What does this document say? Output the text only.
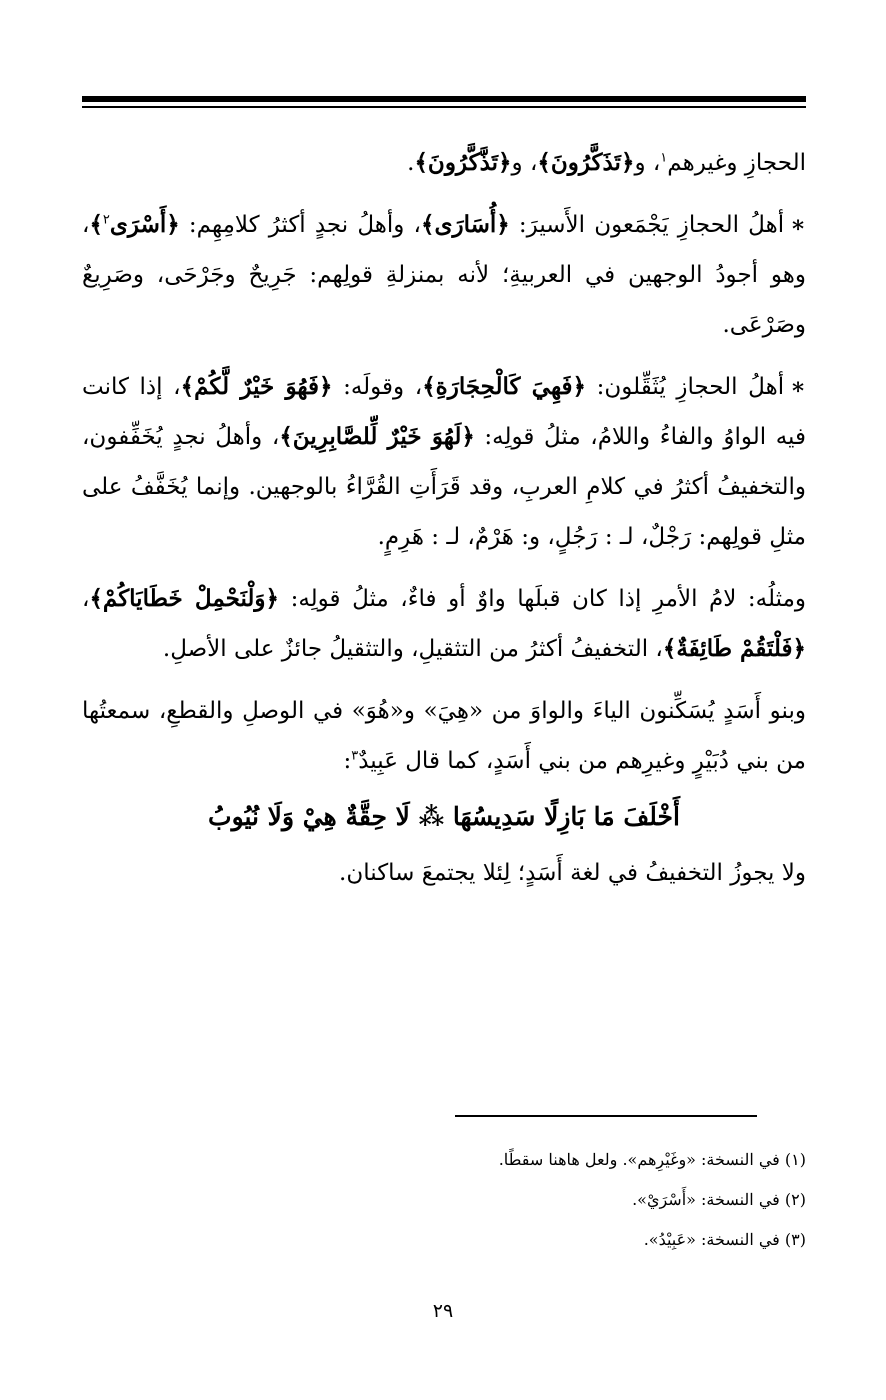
الحجازِ وغيرهم$^١$، و﴿تَذَكَّرُونَ﴾، و﴿تَذَّكَّرُونَ﴾.

∗أهلُ الحجازِ يَجْمَعون الأَسيرَ: ﴿أُسَارَى﴾، وأهلُ نجدٍ أكثرُ كلامِهِم: ﴿أَسْرَى$^٢$﴾، وهو أجودُ الوجهين في العربيةِ؛ لأنه بمنزلةِ قولِهم: جَرِيحٌ وجَرْحَى، وصَرِيعٌ وصَرْعَى.

∗أهلُ الحجازِ يُثَقِّلون: ﴿فَهِيَ كَالْحِجَارَةِ﴾، وقولَه: ﴿فَهُوَ خَيْرٌ لَّكُمْ﴾، إذا كانت فيه الواوُ والفاءُ واللامُ، مثلُ قولِه: ﴿لَهُوَ خَيْرٌ لِّلصَّابِرِينَ﴾، وأهلُ نجدٍ يُخَفِّفون، والتخفيفُ أكثرُ في كلامِ العربِ، وقد قَرَأَتِ القُرَّاءُ بالوجهين. وإنما يُخَفَّفُ على مثلِ قولِهم: رَجْلٌ، لـ : رَجُلٍ، و: هَرْمٌ، لـ : هَرِمٍ.

ومثلُه: لامُ الأمرِ إذا كان قبلَها واوٌ أو فاءٌ، مثلُ قولِه: ﴿وَلْنَحْمِلْ خَطَايَاكُمْ﴾، ﴿فَلْتَقُمْ طَائِفَةٌ﴾، التخفيفُ أكثرُ من التثقيلِ، والتثقيلُ جائزٌ على الأصلِ.

وبنو أَسَدٍ يُسَكِّنون الياءَ والواوَ من «هِيَ» و«هُوَ» في الوصلِ والقطعِ، سمعتُها من بني دُبَيْرٍ وغيرِهم من بني أَسَدٍ، كما قال عَبِيدٌ$^٣$:

أَخْلَفَ مَا بَازِلًا سَدِيسُهَا ⁂ لَا حِقَّةٌ هِيْ وَلَا نُيُوبُ

ولا يجوزُ التخفيفُ في لغة أَسَدٍ؛ لِئلا يجتمعَ ساكنان.

(١) في النسخة: «وغَيْرِهم». ولعل هاهنا سقطًا.

(٢) في النسخة: «أَسْرَيْ».

(٣) في النسخة: «عَبِيْدُ».

٢٩
